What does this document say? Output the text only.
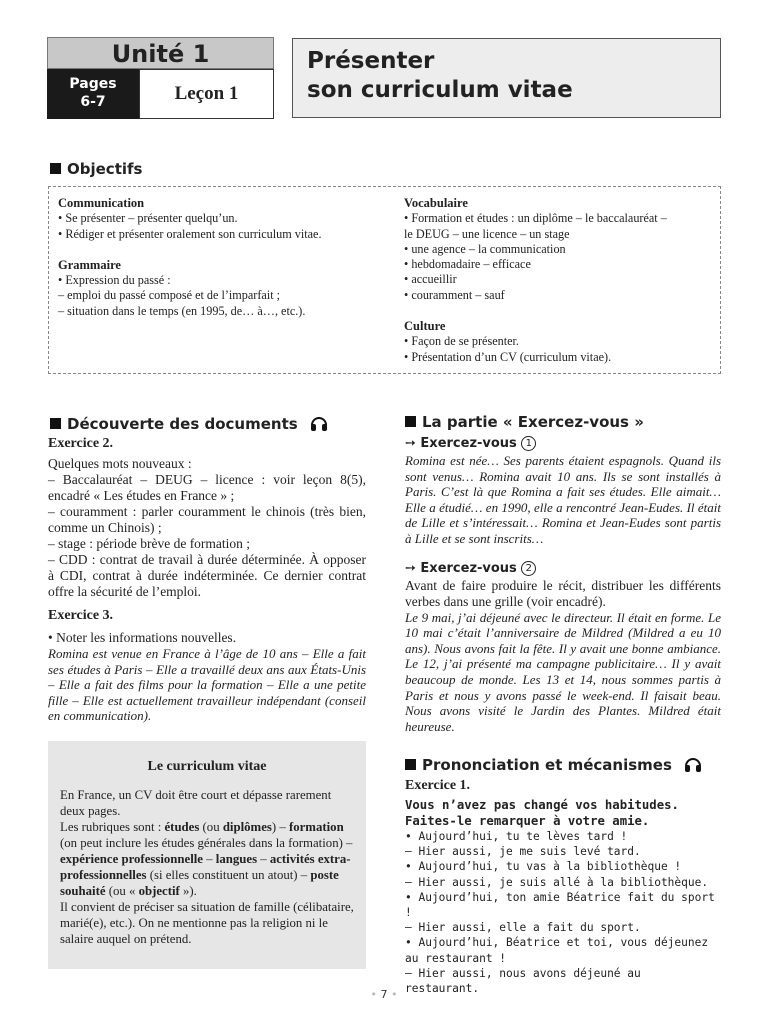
Unité 1
Pages
6-7	Leçon 1
Présenter
son curriculum vitae
Objectifs
Communication
• Se présenter – présenter quelqu’un.
• Rédiger et présenter oralement son curriculum vitae.
Grammaire
• Expression du passé :
– emploi du passé composé et de l’imparfait ;
– situation dans le temps (en 1995, de… à…, etc.).
Vocabulaire
• Formation et études : un diplôme – le baccalauréat –
le DEUG – une licence – un stage
• une agence – la communication
• hebdomadaire – efficace
• accueillir
• couramment – sauf
Culture
• Façon de se présenter.
• Présentation d’un CV (curriculum vitae).
Découverte des documents
Exercice 2.
Quelques mots nouveaux :
– Baccalauréat – DEUG – licence : voir leçon 8(5), encadré « Les études en France » ;
– couramment : parler couramment le chinois (très bien, comme un Chinois) ;
– stage : période brève de formation ;
– CDD : contrat de travail à durée déterminée. À opposer à CDI, contrat à durée indéterminée. Ce dernier contrat offre la sécurité de l’emploi.
Exercice 3.
• Noter les informations nouvelles.
Romina est venue en France à l’âge de 10 ans – Elle a fait ses études à Paris – Elle a travaillé deux ans aux États-Unis – Elle a fait des films pour la formation – Elle a une petite fille – Elle est actuellement travailleur indépendant (conseil en communication).
Le curriculum vitae
En France, un CV doit être court et dépasse rarement deux pages.
Les rubriques sont : études (ou diplômes) – formation (on peut inclure les études générales dans la formation) – expérience professionnelle – langues – activités extra-professionnelles (si elles constituent un atout) – poste souhaité (ou « objectif »).
Il convient de préciser sa situation de famille (célibataire, marié(e), etc.). On ne mentionne pas la religion ni le salaire auquel on prétend.
La partie « Exercez-vous »
➙ Exercez-vous 1
Romina est née… Ses parents étaient espagnols. Quand ils sont venus… Romina avait 10 ans. Ils se sont installés à Paris. C’est là que Romina a fait ses études. Elle aimait… Elle a étudié… en 1990, elle a rencontré Jean-Eudes. Il était de Lille et s’intéressait… Romina et Jean-Eudes sont partis à Lille et se sont inscrits…
➙ Exercez-vous 2
Avant de faire produire le récit, distribuer les différents verbes dans une grille (voir encadré).
Le 9 mai, j’ai déjeuné avec le directeur. Il était en forme. Le 10 mai c’était l’anniversaire de Mildred (Mildred a eu 10 ans). Nous avons fait la fête. Il y avait une bonne ambiance. Le 12, j’ai présenté ma campagne publicitaire… Il y avait beaucoup de monde. Les 13 et 14, nous sommes partis à Paris et nous y avons passé le week-end. Il faisait beau. Nous avons visité le Jardin des Plantes. Mildred était heureuse.
Prononciation et mécanismes
Exercice 1.
Vous n’avez pas changé vos habitudes. Faites-le remarquer à votre amie.
• Aujourd’hui, tu te lèves tard !
– Hier aussi, je me suis levé tard.
• Aujourd’hui, tu vas à la bibliothèque !
– Hier aussi, je suis allé à la bibliothèque.
• Aujourd’hui, ton amie Béatrice fait du sport !
– Hier aussi, elle a fait du sport.
• Aujourd’hui, Béatrice et toi, vous déjeunez au restaurant !
– Hier aussi, nous avons déjeuné au restaurant.
• 7 •
